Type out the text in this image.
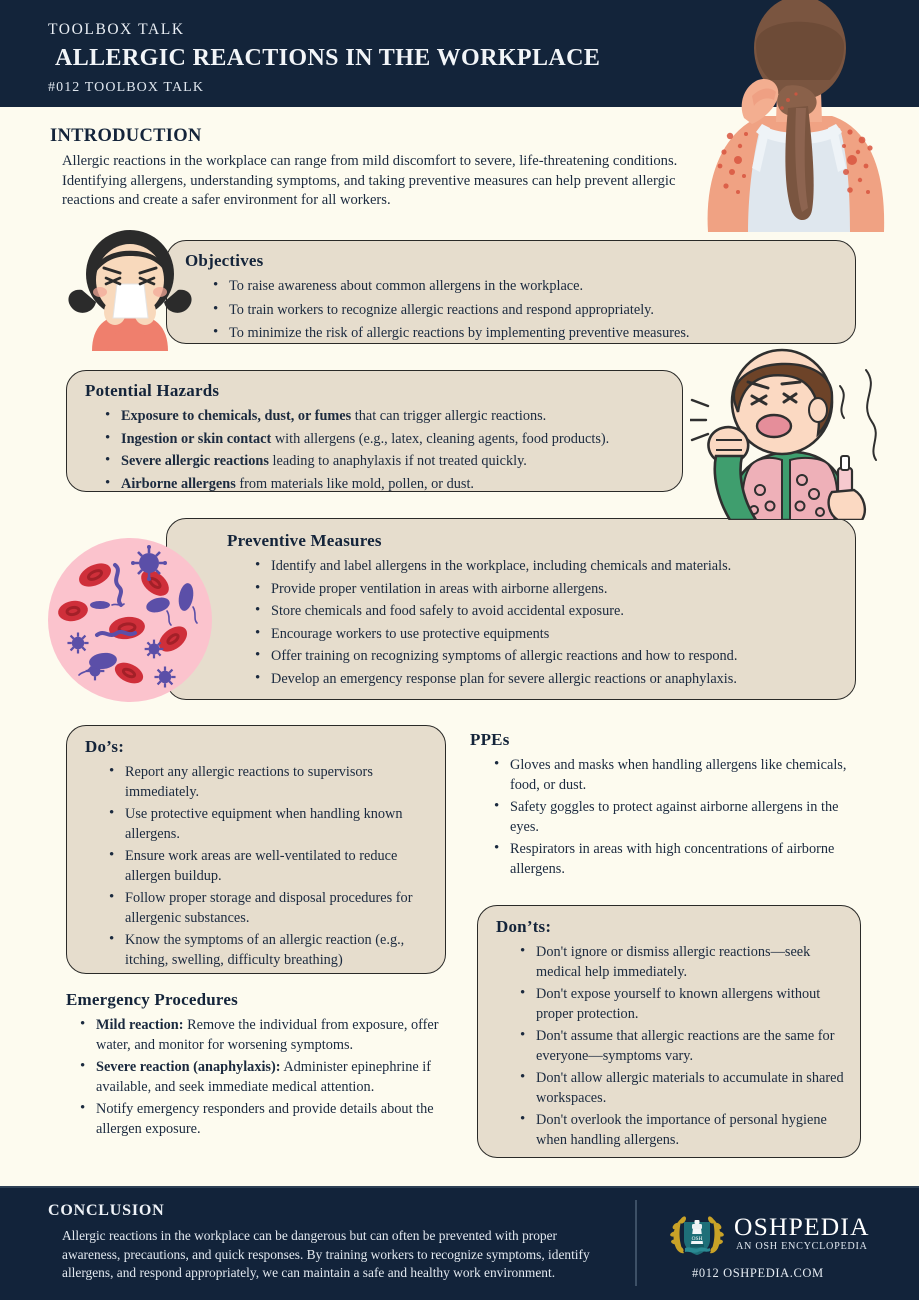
TOOLBOX TALK
ALLERGIC REACTIONS IN THE WORKPLACE
#012 TOOLBOX TALK
INTRODUCTION
Allergic reactions in the workplace can range from mild discomfort to severe, life-threatening conditions. Identifying allergens, understanding symptoms, and taking preventive measures can help prevent allergic reactions and create a safer environment for all workers.
Objectives
• To raise awareness about common allergens in the workplace.
• To train workers to recognize allergic reactions and respond appropriately.
• To minimize the risk of allergic reactions by implementing preventive measures.
Potential Hazards
• Exposure to chemicals, dust, or fumes that can trigger allergic reactions.
• Ingestion or skin contact with allergens (e.g., latex, cleaning agents, food products).
• Severe allergic reactions leading to anaphylaxis if not treated quickly.
• Airborne allergens from materials like mold, pollen, or dust.
Preventive Measures
• Identify and label allergens in the workplace, including chemicals and materials.
• Provide proper ventilation in areas with airborne allergens.
• Store chemicals and food safely to avoid accidental exposure.
• Encourage workers to use protective equipments
• Offer training on recognizing symptoms of allergic reactions and how to respond.
• Develop an emergency response plan for severe allergic reactions or anaphylaxis.
Do’s:
• Report any allergic reactions to supervisors immediately.
• Use protective equipment when handling known allergens.
• Ensure work areas are well-ventilated to reduce allergen buildup.
• Follow proper storage and disposal procedures for allergenic substances.
• Know the symptoms of an allergic reaction (e.g., itching, swelling, difficulty breathing)
PPEs
• Gloves and masks when handling allergens like chemicals, food, or dust.
• Safety goggles to protect against airborne allergens in the eyes.
• Respirators in areas with high concentrations of airborne allergens.
Don’ts:
• Don't ignore or dismiss allergic reactions—seek medical help immediately.
• Don't expose yourself to known allergens without proper protection.
• Don't assume that allergic reactions are the same for everyone—symptoms vary.
• Don't allow allergic materials to accumulate in shared workspaces.
• Don't overlook the importance of personal hygiene when handling allergens.
Emergency Procedures
• Mild reaction: Remove the individual from exposure, offer water, and monitor for worsening symptoms.
• Severe reaction (anaphylaxis): Administer epinephrine if available, and seek immediate medical attention.
• Notify emergency responders and provide details about the allergen exposure.
CONCLUSION
Allergic reactions in the workplace can be dangerous but can often be prevented with proper awareness, precautions, and quick responses. By training workers to recognize symptoms, identify allergens, and respond appropriately, we can maintain a safe and healthy work environment.
OSH OSHPEDIA
AN OSH ENCYCLOPEDIA
#012 OSHPEDIA.COM
